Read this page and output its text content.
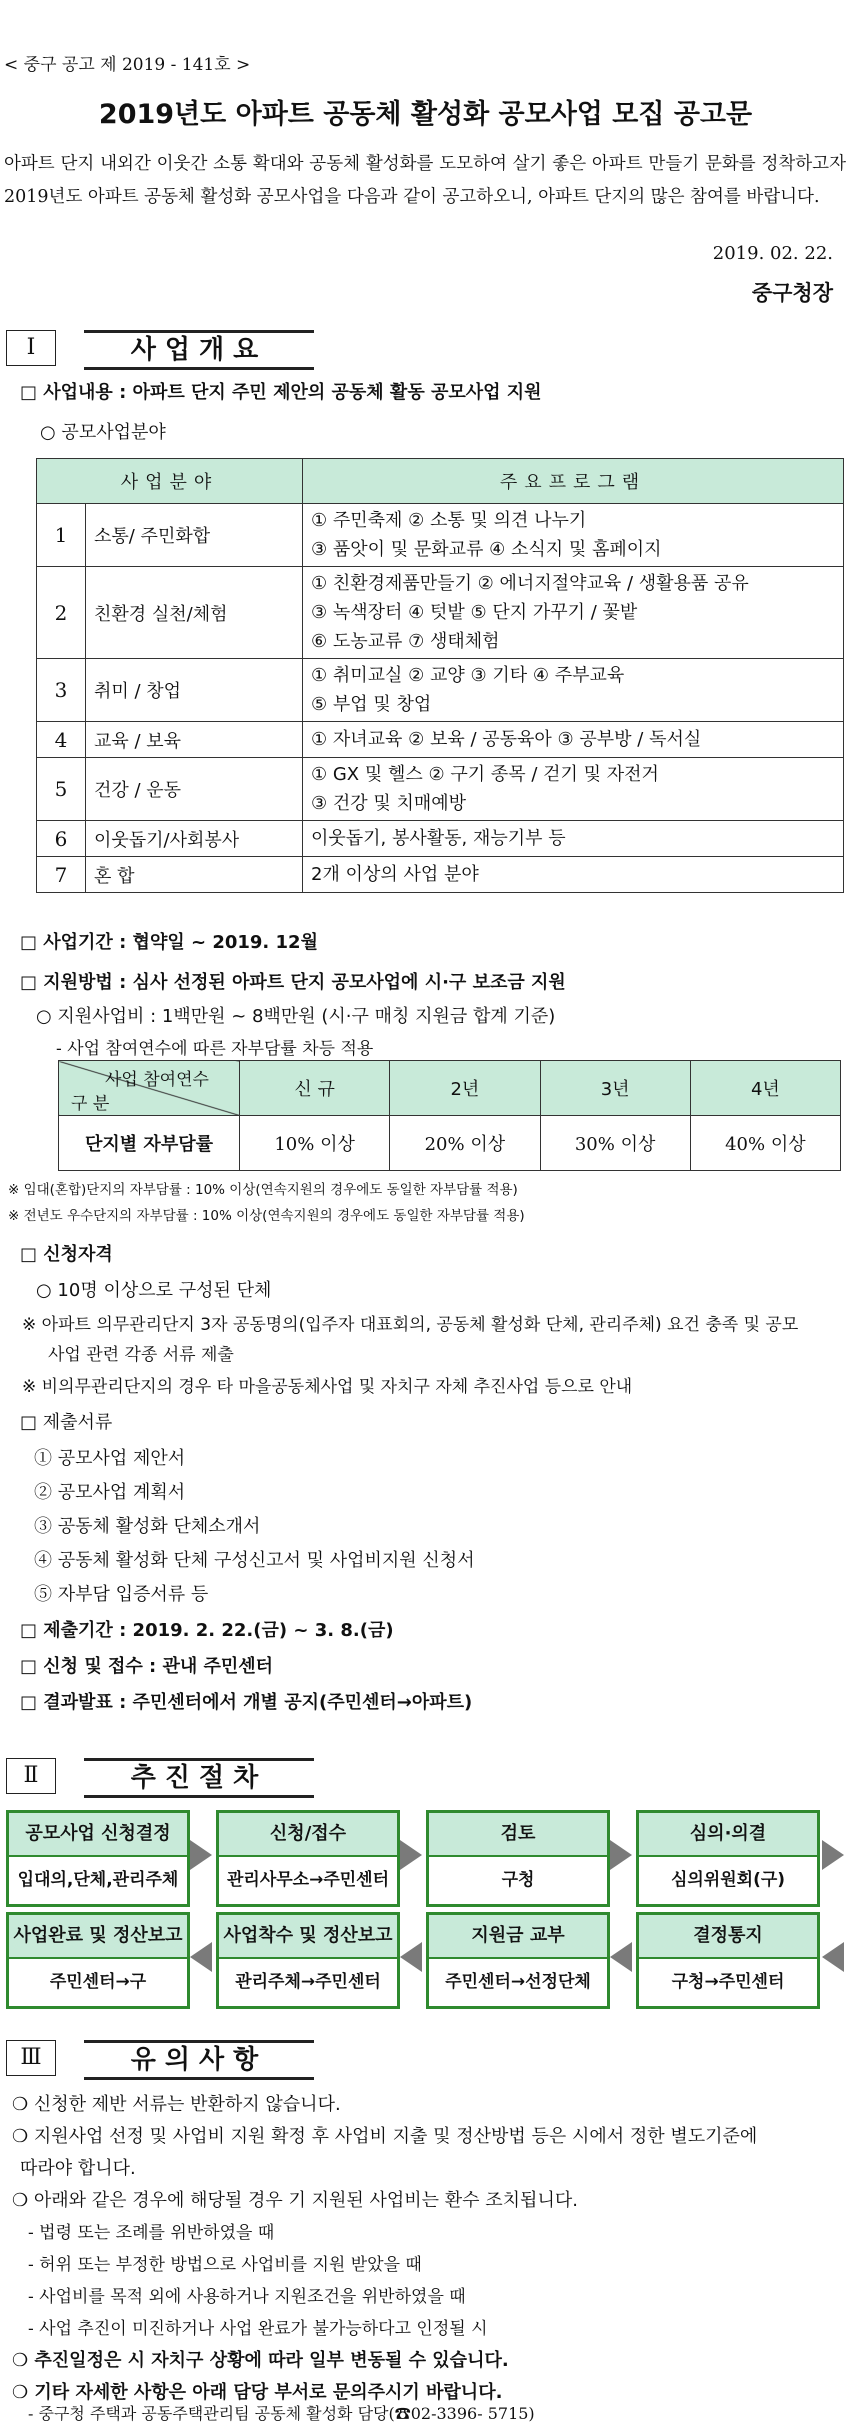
< 중구 공고 제 2019 - 141호 >
2019년도 아파트 공동체 활성화 공모사업 모집 공고문
아파트 단지 내외간 이웃간 소통 확대와 공동체 활성화를 도모하여 살기 좋은 아파트 만들기 문화를 정착하고자 2019년도 아파트 공동체 활성화 공모사업을 다음과 같이 공고하오니, 아파트 단지의 많은 참여를 바랍니다.
2019. 02. 22.
중구청장
Ⅰ	사업개요
□ 사업내용 : 아파트 단지 주민 제안의 공동체 활동 공모사업 지원
○ 공모사업분야
사업분야		주요프로그램
1	소통/ 주민화합	① 주민축제 ② 소통 및 의견 나누기
③ 품앗이 및 문화교류 ④ 소식지 및 홈페이지

2	친환경 실천/체험	① 친환경제품만들기 ② 에너지절약교육 / 생활용품 공유
③ 녹색장터 ④ 텃밭 ⑤ 단지 가꾸기 / 꽃밭
⑥ 도농교류 ⑦ 생태체험

3	취미 / 창업	① 취미교실 ② 교양 ③ 기타 ④ 주부교육
⑤ 부업 및 창업

4	교육 / 보육	① 자녀교육 ② 보육 / 공동육아 ③ 공부방 / 독서실

5	건강 / 운동	① GX 및 헬스 ② 구기 종목 / 걷기 및 자전거
③ 건강 및 치매예방

6	이웃돕기/사회봉사	이웃돕기, 봉사활동, 재능기부 등

7	혼 합	2개 이상의 사업 분야
□ 사업기간 : 협약일 ~ 2019. 12월
□ 지원방법 : 심사 선정된 아파트 단지 공모사업에 시·구 보조금 지원
○ 지원사업비 : 1백만원 ~ 8백만원 (시·구 매칭 지원금 합계 기준)
- 사업 참여연수에 따른 자부담률 차등 적용
사업 참여연수
구 분	신 규	2년	3년	4년
단지별 자부담률	10% 이상	20% 이상	30% 이상	40% 이상
※ 임대(혼합)단지의 자부담률 : 10% 이상(연속지원의 경우에도 동일한 자부담률 적용)
※ 전년도 우수단지의 자부담률 : 10% 이상(연속지원의 경우에도 동일한 자부담률 적용)
□ 신청자격
○ 10명 이상으로 구성된 단체
※ 아파트 의무관리단지 3자 공동명의(입주자 대표회의, 공동체 활성화 단체, 관리주체) 요건 충족 및 공모
사업 관련 각종 서류 제출
※ 비의무관리단지의 경우 타 마을공동체사업 및 자치구 자체 추진사업 등으로 안내
□ 제출서류
① 공모사업 제안서
② 공모사업 계획서
③ 공동체 활성화 단체소개서
④ 공동체 활성화 단체 구성신고서 및 사업비지원 신청서
⑤ 자부담 입증서류 등
□ 제출기간 : 2019. 2. 22.(금) ~ 3. 8.(금)
□ 신청 및 접수 : 관내 주민센터
□ 결과발표 : 주민센터에서 개별 공지(주민센터→아파트)
Ⅱ	추진절차
공모사업 신청결정
입대의,단체,관리주체
신청/접수
관리사무소→주민센터
검토
구청
심의·의결
심의위원회(구)
사업완료 및 정산보고
주민센터→구
사업착수 및 정산보고
관리주체→주민센터
지원금 교부
주민센터→선정단체
결정통지
구청→주민센터
Ⅲ	유의사항
❍ 신청한 제반 서류는 반환하지 않습니다.
❍ 지원사업 선정 및 사업비 지원 확정 후 사업비 지출 및 정산방법 등은 시에서 정한 별도기준에
따라야 합니다.
❍ 아래와 같은 경우에 해당될 경우 기 지원된 사업비는 환수 조치됩니다.
- 법령 또는 조례를 위반하였을 때
- 허위 또는 부정한 방법으로 사업비를 지원 받았을 때
- 사업비를 목적 외에 사용하거나 지원조건을 위반하였을 때
- 사업 추진이 미진하거나 사업 완료가 불가능하다고 인정될 시
❍ 추진일정은 시 자치구 상황에 따라 일부 변동될 수 있습니다.
❍ 기타 자세한 사항은 아래 담당 부서로 문의주시기 바랍니다.
- 중구청 주택과 공동주택관리팀 공동체 활성화 담당(☎02-3396- 5715)
